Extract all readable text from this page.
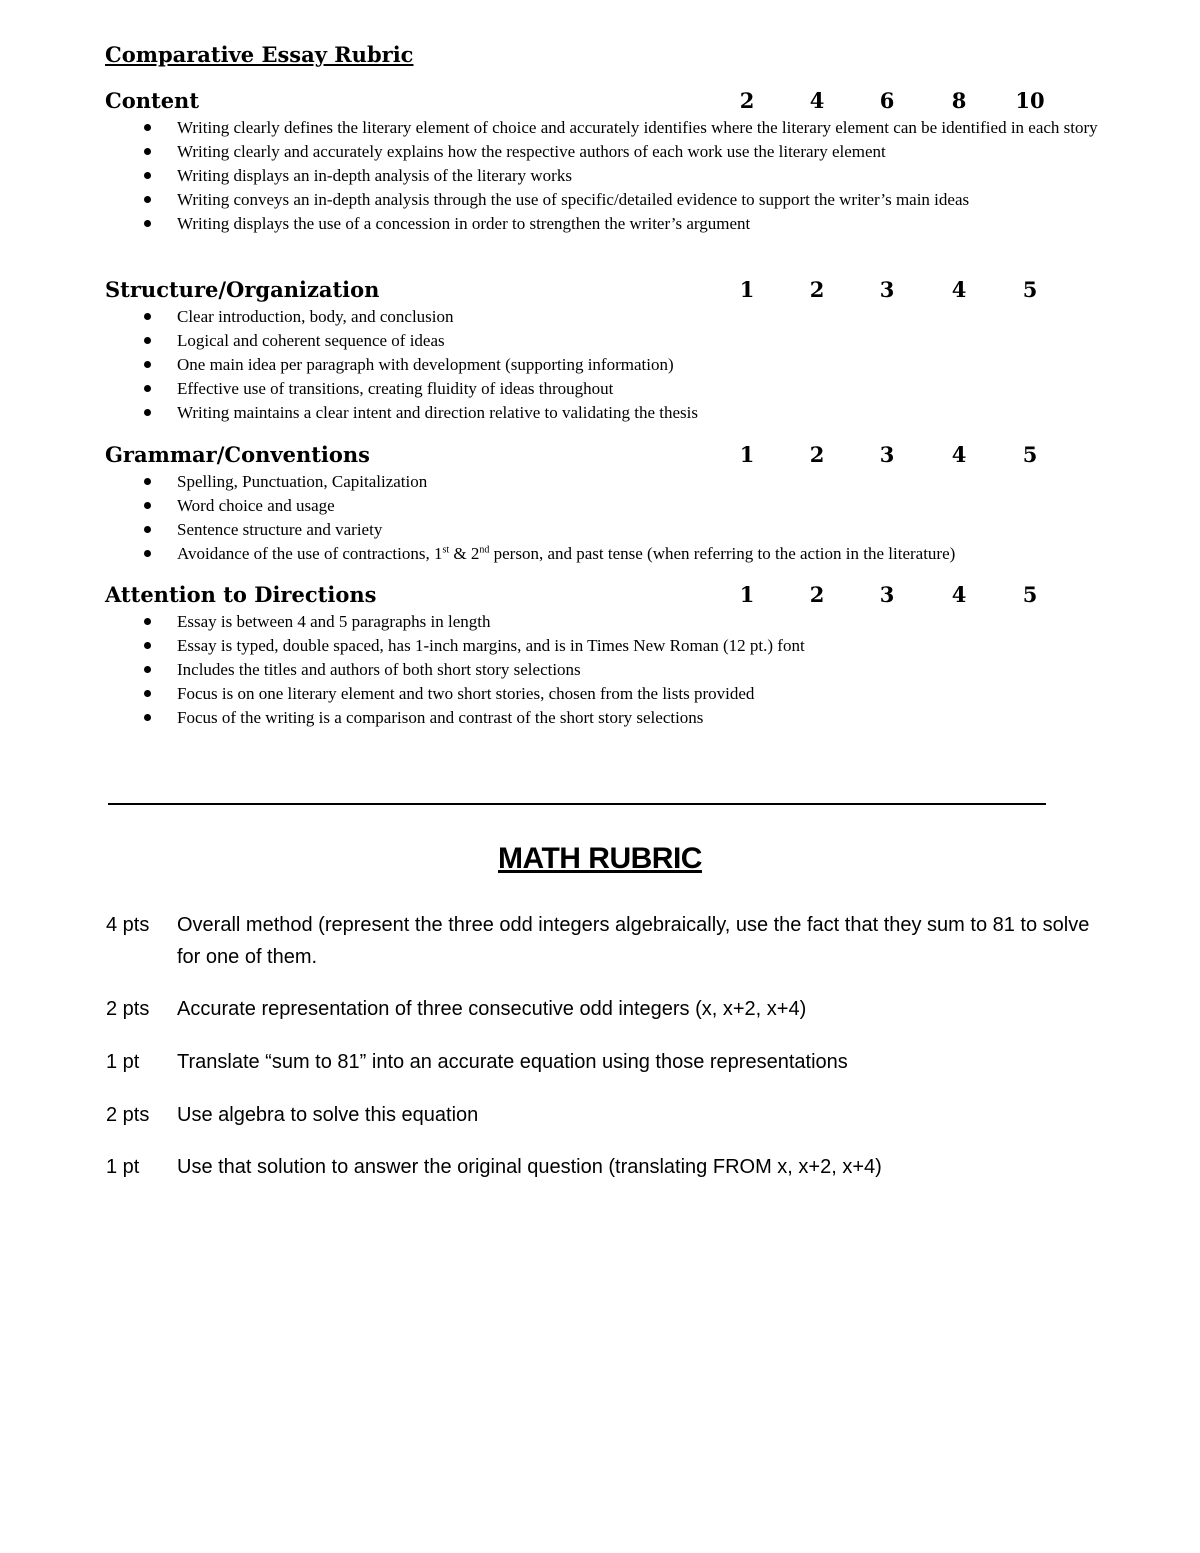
Comparative Essay Rubric
Content	2	4	6	8	10
Writing clearly defines the literary element of choice and accurately identifies where the literary element can be identified in each story
Writing clearly and accurately explains how the respective authors of each work use the literary element
Writing displays an in-depth analysis of the literary works
Writing conveys an in-depth analysis through the use of specific/detailed evidence to support the writer’s main ideas
Writing displays the use of a concession in order to strengthen the writer’s argument
Structure/Organization	1	2	3	4	5
Clear introduction, body, and conclusion
Logical and coherent sequence of ideas
One main idea per paragraph with development (supporting information)
Effective use of transitions, creating fluidity of ideas throughout
Writing maintains a clear intent and direction relative to validating the thesis
Grammar/Conventions	1	2	3	4	5
Spelling, Punctuation, Capitalization
Word choice and usage
Sentence structure and variety
Avoidance of the use of contractions, 1st & 2nd person, and past tense (when referring to the action in the literature)
Attention to Directions	1	2	3	4	5
Essay is between 4 and 5 paragraphs in length
Essay is typed, double spaced, has 1-inch margins, and is in Times New Roman (12 pt.) font
Includes the titles and authors of both short story selections
Focus is on one literary element and two short stories, chosen from the lists provided
Focus of the writing is a comparison and contrast of the short story selections
MATH RUBRIC
4 pts Overall method (represent the three odd integers algebraically, use the fact that they sum to 81 to solve for one of them.
2 pts Accurate representation of three consecutive odd integers (x, x+2, x+4)
1 pt Translate “sum to 81” into an accurate equation using those representations
2 pts Use algebra to solve this equation
1 pt Use that solution to answer the original question (translating FROM x, x+2, x+4)
